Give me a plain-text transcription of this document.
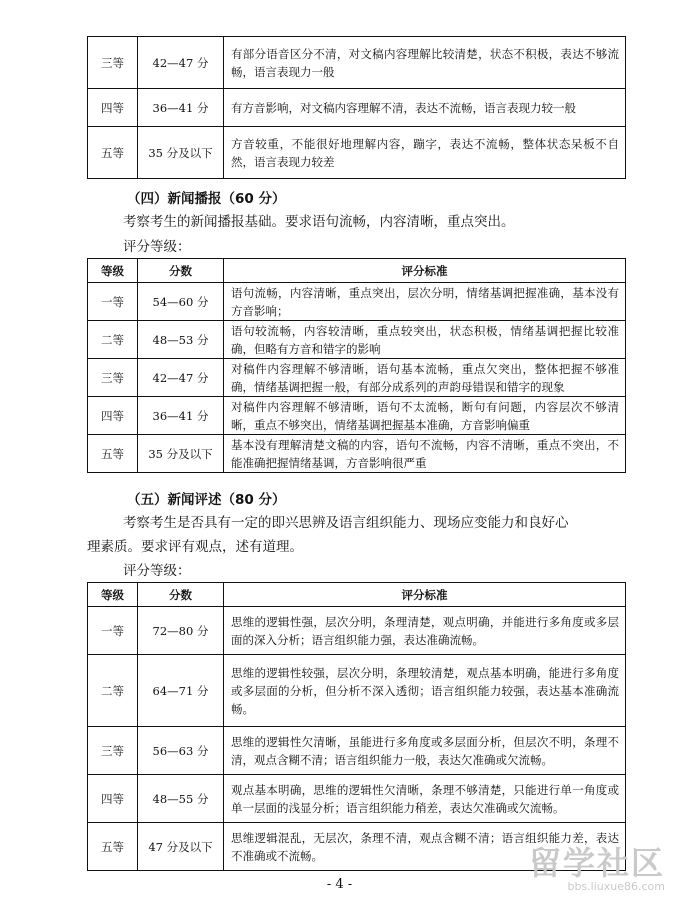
三等	42—47 分	有部分语音区分不清，对文稿内容理解比较清楚，状态不积极，表达不够流畅，语言表现力一般
四等	36—41 分	有方音影响，对文稿内容理解不清，表达不流畅，语言表现力较一般
五等	35 分及以下	方音较重，不能很好地理解内容，蹦字，表达不流畅，整体状态呆板不自然，语言表现力较差
（四）新闻播报（60 分）
考察考生的新闻播报基础。要求语句流畅，内容清晰，重点突出。
评分等级：
等级	分数	评分标准
一等	54—60 分	语句流畅，内容清晰，重点突出，层次分明，情绪基调把握准确，基本没有方音影响；
二等	48—53 分	语句较流畅，内容较清晰，重点较突出，状态积极，情绪基调把握比较准确，但略有方音和错字的影响
三等	42—47 分	对稿件内容理解不够清晰，语句基本流畅，重点欠突出，整体把握不够准确，情绪基调把握一般，有部分成系列的声韵母错误和错字的现象
四等	36—41 分	对稿件内容理解不够清晰，语句不太流畅，断句有问题，内容层次不够清晰，重点不够突出，情绪基调把握基本准确，方音影响偏重
五等	35 分及以下	基本没有理解清楚文稿的内容，语句不流畅，内容不清晰，重点不突出，不能准确把握情绪基调，方音影响很严重
（五）新闻评述（80 分）
考察考生是否具有一定的即兴思辨及语言组织能力、现场应变能力和良好心
理素质。要求评有观点，述有道理。
评分等级：
等级	分数	评分标准
一等	72—80 分	思维的逻辑性强，层次分明，条理清楚，观点明确，并能进行多角度或多层面的深入分析；语言组织能力强，表达准确流畅。
二等	64—71 分	思维的逻辑性较强，层次分明，条理较清楚，观点基本明确，能进行多角度或多层面的分析，但分析不深入透彻；语言组织能力较强，表达基本准确流畅。
三等	56—63 分	思维的逻辑性欠清晰，虽能进行多角度或多层面分析，但层次不明，条理不清，观点含糊不清；语言组织能力一般，表达欠准确或欠流畅。
四等	48—55 分	观点基本明确，思维的逻辑性欠清晰，条理不够清楚，只能进行单一角度或单一层面的浅显分析；语言组织能力稍差，表达欠准确或欠流畅。
五等	47 分及以下	思维逻辑混乱，无层次，条理不清，观点含糊不清；语言组织能力差，表达不准确或不流畅。
- 4 -
留学社区
bbs.liuxue86.com
